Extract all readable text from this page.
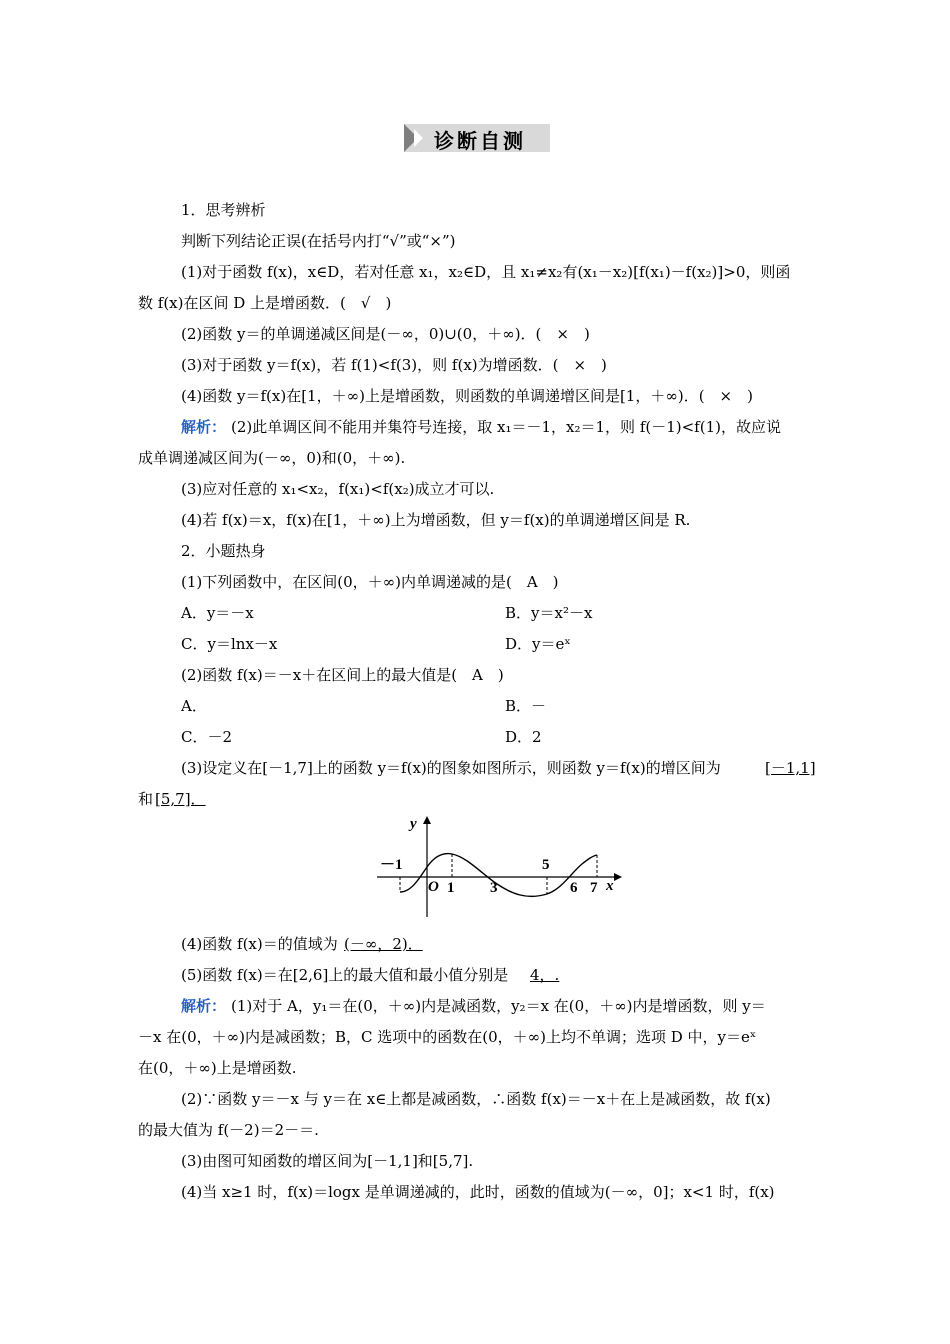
诊断自测
1．思考辨析
判断下列结论正误(在括号内打“√”或“×”)
(1)对于函数 f(x)，x∈D，若对任意 x₁，x₂∈D，且 x₁≠x₂有(x₁－x₂)[f(x₁)－f(x₂)]>0，则函
数 f(x)在区间 D 上是增函数．(　√　)
(2)函数 y＝的单调递减区间是(－∞，0)∪(0，＋∞)．(　×　)
(3)对于函数 y＝f(x)，若 f(1)<f(3)，则 f(x)为增函数．(　×　)
(4)函数 y＝f(x)在[1，＋∞)上是增函数，则函数的单调递增区间是[1，＋∞)．(　×　)
(2)此单调区间不能用并集符号连接，取 x₁＝－1，x₂＝1，则 f(－1)<f(1)，故应说
成单调递减区间为(－∞，0)和(0，＋∞).
(3)应对任意的 x₁<x₂，f(x₁)<f(x₂)成立才可以.
(4)若 f(x)＝x，f(x)在[1，＋∞)上为增函数，但 y＝f(x)的单调递增区间是 R.
2．小题热身
(1)下列函数中，在区间(0，＋∞)内单调递减的是(　A　)
A．y＝－x	B．y＝x²－x
C．y＝lnx－x	D．y＝eˣ
(2)函数 f(x)＝－x＋在区间上的最大值是(　A　)
A．	B．－
C．－2	D．2
(3)设定义在[－1,7]上的函数 y＝f(x)的图象如图所示，则函数 y＝f(x)的增区间为
和
(4)函数 f(x)＝的值域为
(5)函数 f(x)＝在[2,6]上的最大值和最小值分别是
(1)对于 A，y₁＝在(0，＋∞)内是减函数，y₂＝x 在(0，＋∞)内是增函数，则 y＝
－x 在(0，＋∞)内是减函数；B，C 选项中的函数在(0，＋∞)上均不单调；选项 D 中，y＝eˣ
在(0，＋∞)上是增函数.
(2)∵函数 y＝－x 与 y＝在 x∈上都是减函数，∴函数 f(x)＝－x＋在上是减函数，故 f(x)
的最大值为 f(－2)＝2－＝.
(3)由图可知函数的增区间为[－1,1]和[5,7].
(4)当 x≥1 时，f(x)＝logx 是单调递减的，此时，函数的值域为(－∞，0]；x<1 时，f(x)
解析：
解析：
[－1,1]
[5,7]．
(－∞，2)．
4，.
y
x
O
－1
1 3
5
6 7
